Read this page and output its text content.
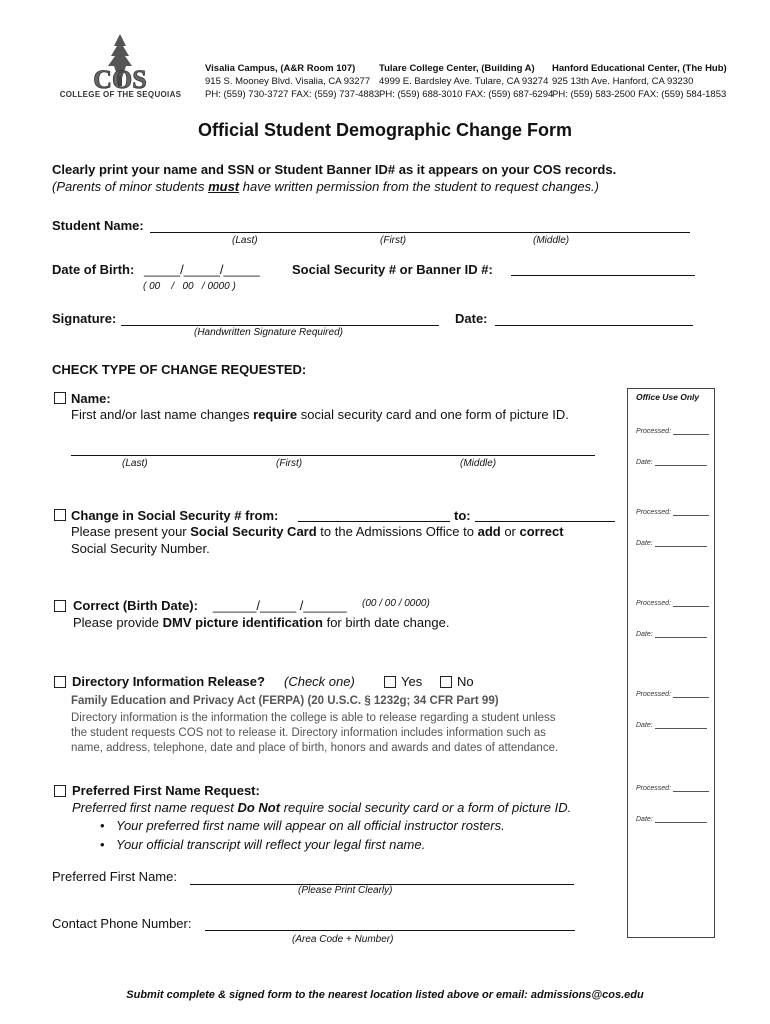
COS
COLLEGE OF THE SEQUOIAS
Visalia Campus, (A&R Room 107)
915 S. Mooney Blvd. Visalia, CA 93277
PH: (559) 730-3727 FAX: (559) 737-4883
Tulare College Center, (Building A)
4999 E. Bardsley Ave. Tulare, CA 93274
PH: (559) 688-3010 FAX: (559) 687-6294
Hanford Educational Center, (The Hub)
925 13th Ave. Hanford, CA 93230
PH: (559) 583-2500 FAX: (559) 584-1853
Official Student Demographic Change Form
Clearly print your name and SSN or Student Banner ID# as it appears on your COS records.
(Parents of minor students must have written permission from the student to request changes.)
Student Name:
(Last)	(First)	(Middle)
Date of Birth: _____/_____/_____
( 00    /   00   / 0000 )
Social Security # or Banner ID #:
Signature:
(Handwritten Signature Required)
Date:
CHECK TYPE OF CHANGE REQUESTED:
Office Use Only
Processed:
Date:
Processed:
Date:
Processed:
Date:
Processed:
Date:
Processed:
Date:
Name:
First and/or last name changes require social security card and one form of picture ID.
(Last)	(First)	(Middle)
Change in Social Security # from:	to:
Please present your Social Security Card to the Admissions Office to add or correct
Social Security Number.
Correct (Birth Date): ______/_____ /______ (00 / 00 / 0000)
Please provide DMV picture identification for birth date change.
Directory Information Release? (Check one)	Yes	No
Family Education and Privacy Act (FERPA) (20 U.S.C. § 1232g; 34 CFR Part 99)
Directory information is the information the college is able to release regarding a student unless
the student requests COS not to release it. Directory information includes information such as
name, address, telephone, date and place of birth, honors and awards and dates of attendance.
Preferred First Name Request:
Preferred first name request Do Not require social security card or a form of picture ID.
• Your preferred first name will appear on all official instructor rosters.
• Your official transcript will reflect your legal first name.
Preferred First Name:
(Please Print Clearly)
Contact Phone Number:
(Area Code + Number)
Submit complete & signed form to the nearest location listed above or email: admissions@cos.edu
